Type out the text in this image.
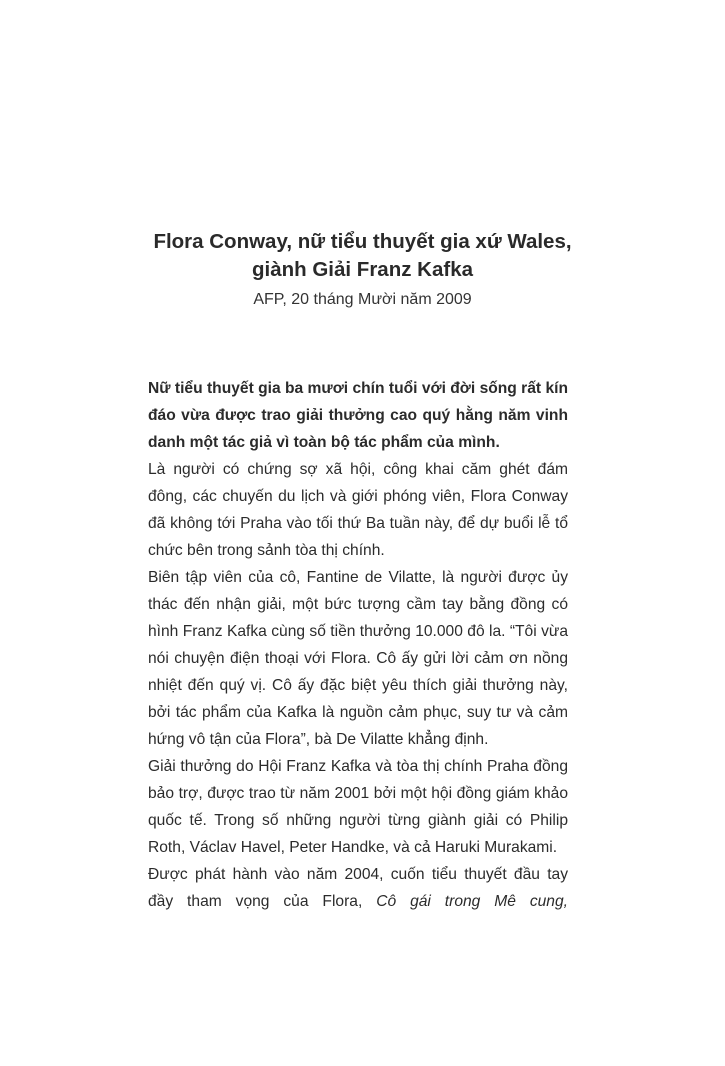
Flora Conway, nữ tiểu thuyết gia xứ Wales,
giành Giải Franz Kafka
AFP, 20 tháng Mười năm 2009

Nữ tiểu thuyết gia ba mươi chín tuổi với đời sống rất kín đáo vừa được trao giải thưởng cao quý hằng năm vinh danh một tác giả vì toàn bộ tác phẩm của mình.

Là người có chứng sợ xã hội, công khai căm ghét đám đông, các chuyến du lịch và giới phóng viên, Flora Conway đã không tới Praha vào tối thứ Ba tuần này, để dự buổi lễ tổ chức bên trong sảnh tòa thị chính.

Biên tập viên của cô, Fantine de Vilatte, là người được ủy thác đến nhận giải, một bức tượng cầm tay bằng đồng có hình Franz Kafka cùng số tiền thưởng 10.000 đô la. “Tôi vừa nói chuyện điện thoại với Flora. Cô ấy gửi lời cảm ơn nồng nhiệt đến quý vị. Cô ấy đặc biệt yêu thích giải thưởng này, bởi tác phẩm của Kafka là nguồn cảm phục, suy tư và cảm hứng vô tận của Flora”, bà De Vilatte khẳng định.

Giải thưởng do Hội Franz Kafka và tòa thị chính Praha đồng bảo trợ, được trao từ năm 2001 bởi một hội đồng giám khảo quốc tế. Trong số những người từng giành giải có Philip Roth, Václav Havel, Peter Handke, và cả Haruki Murakami.

Được phát hành vào năm 2004, cuốn tiểu thuyết đầu tay đầy tham vọng của Flora, Cô gái trong Mê cung,
